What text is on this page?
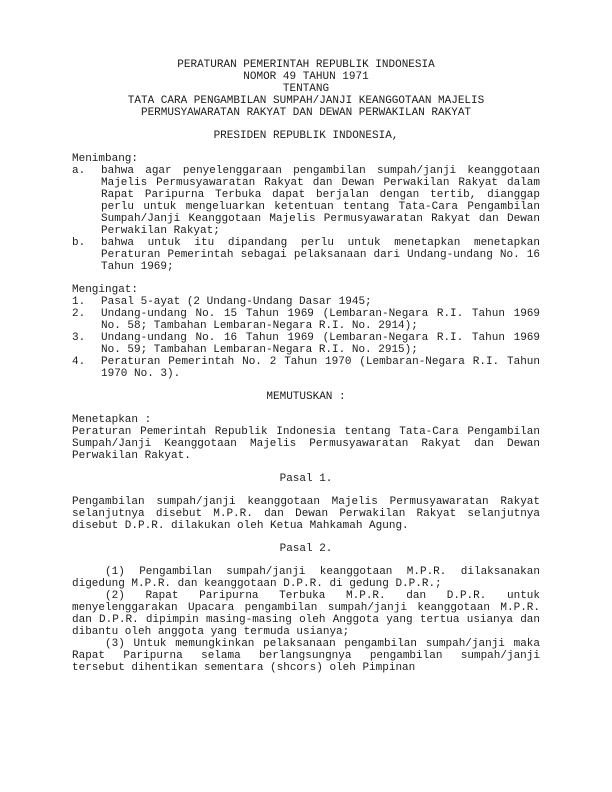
PERATURAN PEMERINTAH REPUBLIK INDONESIA
NOMOR 49 TAHUN 1971
TENTANG
TATA CARA PENGAMBILAN SUMPAH/JANJI KEANGGOTAAN MAJELIS
PERMUSYAWARATAN RAKYAT DAN DEWAN PERWAKILAN RAKYAT
PRESIDEN REPUBLIK INDONESIA,
Menimbang:
a. bahwa agar penyelenggaraan pengambilan sumpah/janji keanggotaan Majelis Permusyawaratan Rakyat dan Dewan Perwakilan Rakyat dalam Rapat Paripurna Terbuka dapat berjalan dengan tertib, dianggap perlu untuk mengeluarkan ketentuan tentang Tata-Cara Pengambilan Sumpah/Janji Keanggotaan Majelis Permusyawaratan Rakyat dan Dewan Perwakilan Rakyat;
b. bahwa untuk itu dipandang perlu untuk menetapkan menetapkan Peraturan Pemerintah sebagai pelaksanaan dari Undang-undang No. 16 Tahun 1969;
Mengingat:
1. Pasal 5-ayat (2 Undang-Undang Dasar 1945;
2. Undang-undang No. 15 Tahun 1969 (Lembaran-Negara R.I. Tahun 1969 No. 58; Tambahan Lembaran-Negara R.I. No. 2914);
3. Undang-undang No. 16 Tahun 1969 (Lembaran-Negara R.I. Tahun 1969 No. 59; Tambahan Lembaran-Negara R.I. No. 2915);
4. Peraturan Pemerintah No. 2 Tahun 1970 (Lembaran-Negara R.I. Tahun 1970 No. 3).
MEMUTUSKAN :
Menetapkan :
Peraturan Pemerintah Republik Indonesia tentang Tata-Cara Pengambilan Sumpah/Janji Keanggotaan Majelis Permusyawaratan Rakyat dan Dewan Perwakilan Rakyat.
Pasal 1.
Pengambilan sumpah/janji keanggotaan Majelis Permusyawaratan Rakyat selanjutnya disebut M.P.R. dan Dewan Perwakilan Rakyat selanjutnya disebut D.P.R. dilakukan oleh Ketua Mahkamah Agung.
Pasal 2.
(1) Pengambilan sumpah/janji keanggotaan M.P.R. dilaksanakan digedung M.P.R. dan keanggotaan D.P.R. di gedung D.P.R.;
(2) Rapat Paripurna Terbuka M.P.R. dan D.P.R. untuk menyelenggarakan Upacara pengambilan sumpah/janji keanggotaan M.P.R. dan D.P.R. dipimpin masing-masing oleh Anggota yang tertua usianya dan dibantu oleh anggota yang termuda usianya;
(3) Untuk memungkinkan pelaksanaan pengambilan sumpah/janji maka Rapat Paripurna selama berlangsungnya pengambilan sumpah/janji tersebut dihentikan sementara (shcors) oleh Pimpinan
